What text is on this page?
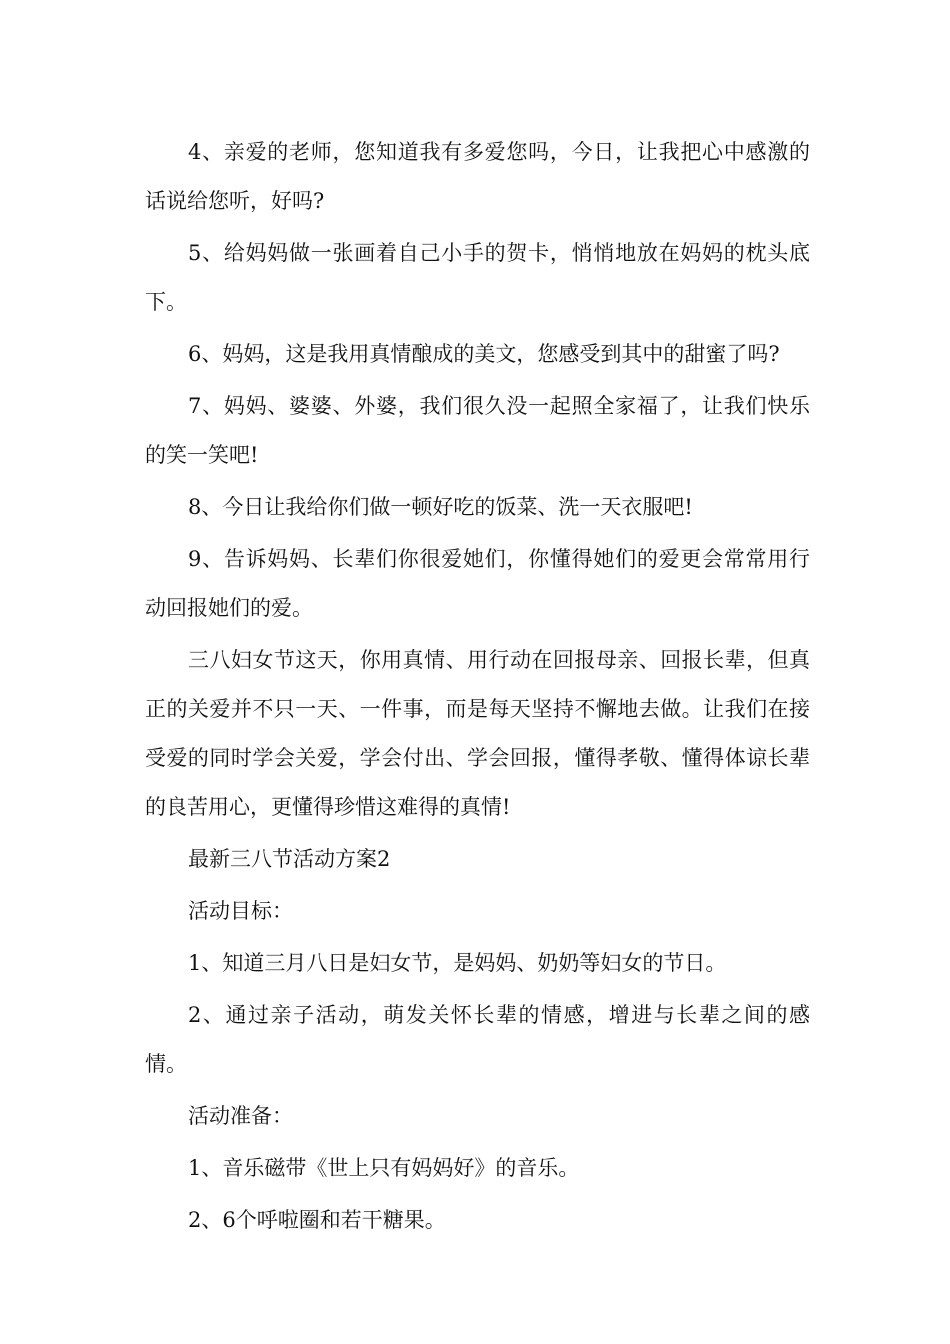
4、亲爱的老师，您知道我有多爱您吗，今日，让我把心中感激的话说给您听，好吗?

5、给妈妈做一张画着自己小手的贺卡，悄悄地放在妈妈的枕头底下。

6、妈妈，这是我用真情酿成的美文，您感受到其中的甜蜜了吗?

7、妈妈、婆婆、外婆，我们很久没一起照全家福了，让我们快乐的笑一笑吧!

8、今日让我给你们做一顿好吃的饭菜、洗一天衣服吧!

9、告诉妈妈、长辈们你很爱她们，你懂得她们的爱更会常常用行动回报她们的爱。

三八妇女节这天，你用真情、用行动在回报母亲、回报长辈，但真正的关爱并不只一天、一件事，而是每天坚持不懈地去做。让我们在接受爱的同时学会关爱，学会付出、学会回报，懂得孝敬、懂得体谅长辈的良苦用心，更懂得珍惜这难得的真情!

最新三八节活动方案2

活动目标：

1、知道三月八日是妇女节，是妈妈、奶奶等妇女的节日。

2、通过亲子活动，萌发关怀长辈的情感，增进与长辈之间的感情。

活动准备：

1、音乐磁带《世上只有妈妈好》的音乐。

2、6个呼啦圈和若干糖果。
